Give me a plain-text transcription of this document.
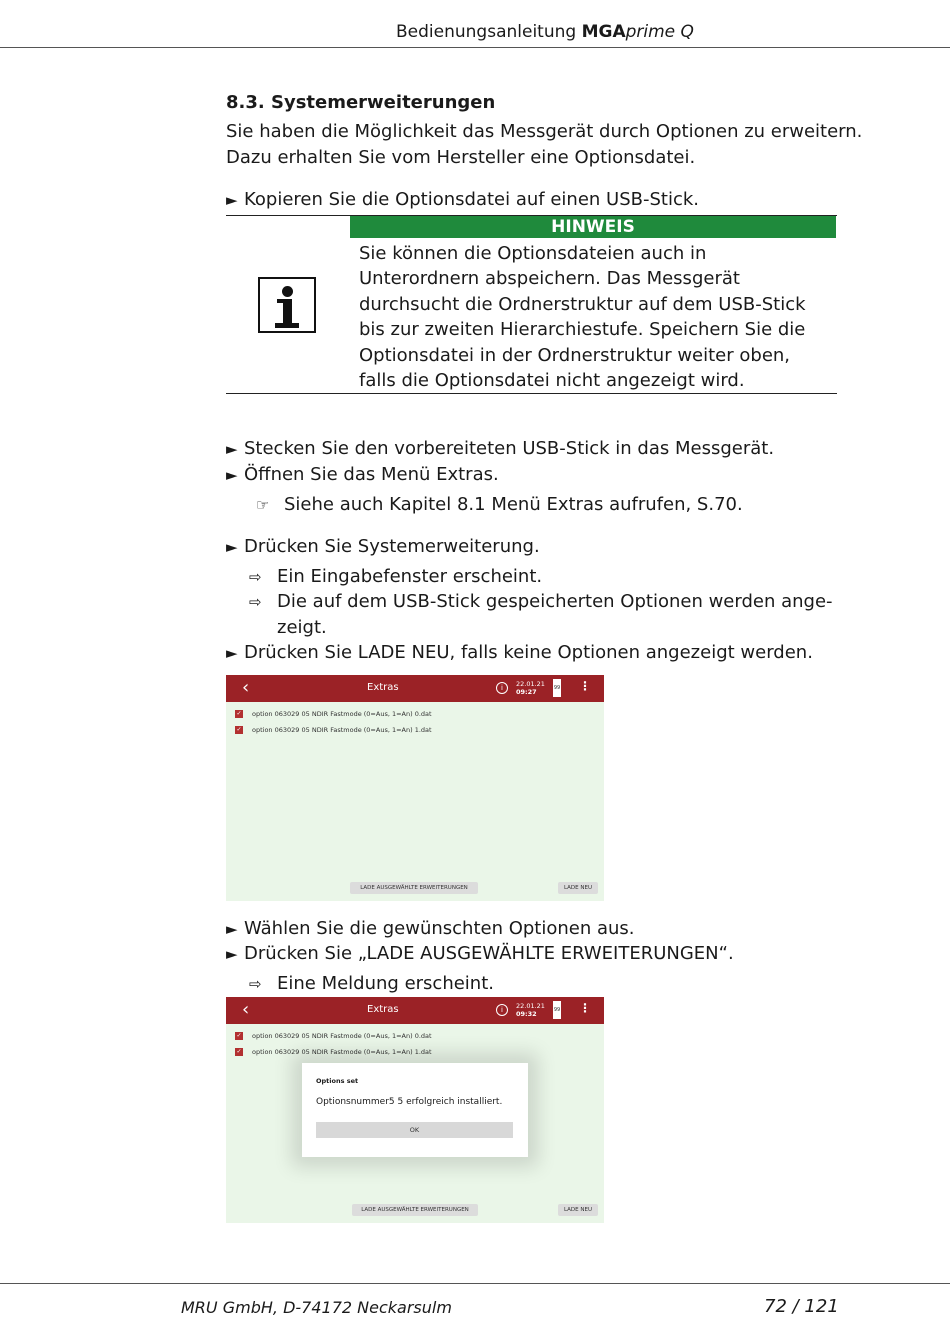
Bedienungsanleitung MGAprime Q
8.3. Systemerweiterungen
Sie haben die Möglichkeit das Messgerät durch Optionen zu erweitern.
Dazu erhalten Sie vom Hersteller eine Optionsdatei.
► Kopieren Sie die Optionsdatei auf einen USB-Stick.
HINWEIS
Sie können die Optionsdateien auch in Unterordnern abspeichern. Das Messgerät durchsucht die Ordnerstruktur auf dem USB-Stick bis zur zweiten Hierarchiestufe. Speichern Sie die Optionsdatei in der Ordnerstruktur weiter oben, falls die Optionsdatei nicht angezeigt wird.
► Stecken Sie den vorbereiteten USB-Stick in das Messgerät.
► Öffnen Sie das Menü Extras.
☞ Siehe auch Kapitel 8.1 Menü Extras aufrufen, S.70.
► Drücken Sie Systemerweiterung.
⇨ Ein Eingabefenster erscheint.
⇨ Die auf dem USB-Stick gespeicherten Optionen werden ange-
zeigt.
► Drücken Sie LADE NEU, falls keine Optionen angezeigt werden.
‹	Extras	i	22.01.21
09:27	99 ⋮
✓ option 063029 05 NDIR Fastmode (0=Aus, 1=An) 0.dat
✓ option 063029 05 NDIR Fastmode (0=Aus, 1=An) 1.dat
LADE AUSGEWÄHLTE ERWEITERUNGEN	LADE NEU
► Wählen Sie die gewünschten Optionen aus.
► Drücken Sie „LADE AUSGEWÄHLTE ERWEITERUNGEN“.
⇨ Eine Meldung erscheint.
‹	Extras	i	22.01.21
09:32	99 ⋮
✓ option 063029 05 NDIR Fastmode (0=Aus, 1=An) 0.dat
✓ option 063029 05 NDIR Fastmode (0=Aus, 1=An) 1.dat
Options set
Optionsnummer5 5 erfolgreich installiert.
OK
LADE AUSGEWÄHLTE ERWEITERUNGEN	LADE NEU
MRU GmbH, D-74172 Neckarsulm	72 / 121
